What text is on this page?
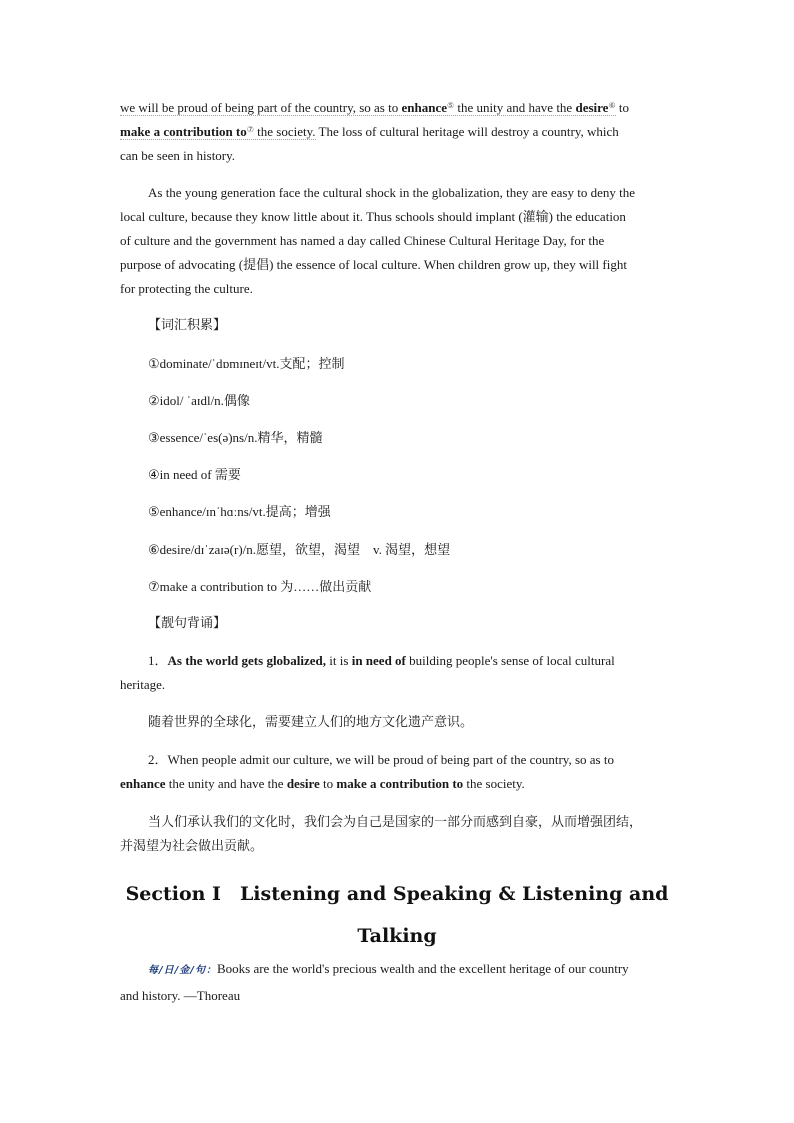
we will be proud of being part of the country, so as to enhance⑤ the unity and have the desire⑥ to
make a contribution to⑦ the society. The loss of cultural heritage will destroy a country, which
can be seen in history.
As the young generation face the cultural shock in the globalization, they are easy to deny the
local culture, because they know little about it. Thus schools should implant (灌输) the education
of culture and the government has named a day called Chinese Cultural Heritage Day, for the
purpose of advocating (提倡) the essence of local culture. When children grow up, they will fight
for protecting the culture.
【词汇积累】
①dominate/ˈdɒmɪneɪt/vt.支配；控制
②idol/ ˈaɪdl/n.偶像
③essence/ˈes(ə)ns/n.精华，精髓
④in need of 需要
⑤enhance/ɪnˈhɑːns/vt.提高；增强
⑥desire/dɪˈzaɪə(r)/n.愿望，欲望，渴望　v. 渴望，想望
⑦make a contribution to 为……做出贡献
【靓句背诵】
1．As the world gets globalized, it is in need of building people's sense of local cultural
heritage.
随着世界的全球化，需要建立人们的地方文化遗产意识。
2．When people admit our culture, we will be proud of being part of the country, so as to
enhance the unity and have the desire to make a contribution to the society.
当人们承认我们的文化时，我们会为自己是国家的一部分而感到自豪，从而增强团结，
并渴望为社会做出贡献。
Section Ⅰ　Listening and Speaking & Listening and
Talking
每/日/金/句：Books are the world's precious wealth and the excellent heritage of our country
and history. —Thoreau
